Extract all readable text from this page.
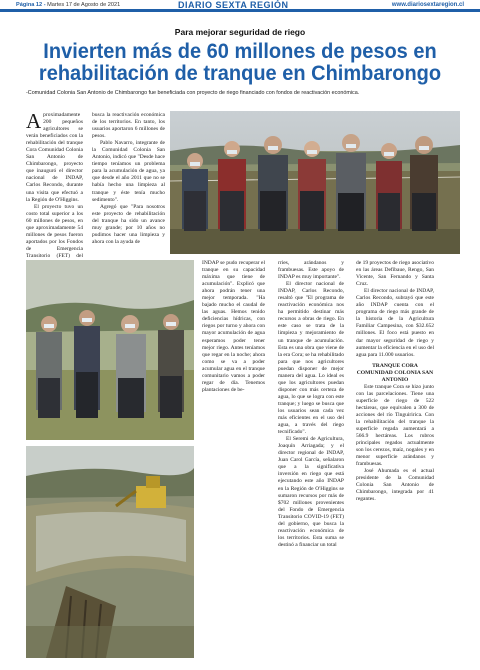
Página 12 - Martes 17 de Agosto de 2021	DIARIO SEXTA REGIÓN	www.diariosextaregion.cl
Para mejorar seguridad de riego
Invierten más de 60 millones de pesos en
rehabilitación de tranque en Chimbarongo
-Comunidad Colonia San Antonio de Chimbarongo fue beneficiada con proyecto de riego financiado con fondos de reactivación económica.

Aproximadamente 200 pequeños agricultores se verán beneficiados con la rehabilitación del tranque Cora Comunidad Colonia San Antonio de Chimbarongo, proyecto que inauguró el director nacional de INDAP, Carlos Recondo, durante una visita que efectuó a la Región de O'Higgins.

El proyecto tuvo un costo total superior a los 60 millones de pesos, en que aproximadamente 54 millones de pesos fueron aportados por los Fondos de Emergencia Transitorio (FET) del

busca la reactivación económica de los territorios. En tanto, los usuarios aportaron 6 millones de pesos.

Pablo Navarro, integrante de la Comunidad Colonia San Antonio, indicó que "Desde hace tiempo teníamos un problema para la acumulación de agua, ya que desde el año 2011 que no se había hecho una limpieza al tranque y éste tenía mucho sedimento".

Agregó que "Para nosotros este proyecto de rehabilitación del tranque ha sido un avance muy grande; por 10 años no pudimos hacer una limpieza y ahora con la ayuda de

INDAP se pudo recuperar el tranque en su capacidad máxima que tiene de acumulación". Explicó que ahora podrán tener una mejor temporada. "Ha bajado mucho el caudal de las aguas. Hemos tenido deficiencias hídricas, con riegos por turno y ahora con mayor acumulación de agua esperamos poder tener mejor riego. Antes teníamos que regar en la noche; ahora como se va a poder acumular agua en el tranque comunitario vamos a poder regar de día. Tenemos plantaciones de be-

rries, arándanos y frambuesas. Este apoyo de INDAP es muy importante".

El director nacional de INDAP, Carlos Recondo, resaltó que "El programa de reactivación económica nos ha permitido destinar más recursos a obras de riego. En este caso se trata de la limpieza y mejoramiento de un tranque de acumulación. Esta es una obra que viene de la era Cora; se ha rehabilitado para que nos agricultores puedan disponer de mejor manera del agua. Lo ideal es que los agricultores puedan disponer con más certeza de agua, lo que se logra con este tranque; y luego se busca que los usuarios sean cada vez más eficientes en el uso del agua, a través del riego tecnificado".

El Seremi de Agricultura, Joaquín Arriagada; y el director regional de INDAP, Juan Carol García, señalaron que a la significativa inversión en riego que está ejecutando este año INDAP en la Región de O'Higgins se sumaron recursos por más de $702 millones provenientes del Fondo de Emergencia Transitorio COVID-19 (FET) del gobierno, que busca la reactivación económica de los territorios. Esta suma se destinó a financiar un total

de 19 proyectos de riego asociativo en las áreas Defibaue, Rengo, San Vicente, San Fernando y Santa Cruz.

El director nacional de INDAP, Carlos Recondo, subrayó que este año INDAP cuenta con el programa de riego más grande de la historia de la Agricultura Familiar Campesina, con $32.652 millones. El foco está puesto en dar mayor seguridad de riego y aumentar la eficiencia en el uso del agua para 11.000 usuarios.

TRANQUE CORA COMUNIDAD COLONIA SAN ANTONIO

Este tranque Cora se hizo junto con las parcelaciones. Tiene una superficie de riego de 522 hectáreas, que equivalen a 300 de acciones del río Tinguiririca. Con la rehabilitación del tranque la superficie regada aumentará a 566.9 hectáreas. Los rubros principales regados actualmente son los cerezos, maíz, nogales y en menor superficie arándanos y frambuesas.

José Ahumada es el actual presidente de la Comunidad Colonia San Antonio de Chimbarongo, integrada por 41 regantes.
